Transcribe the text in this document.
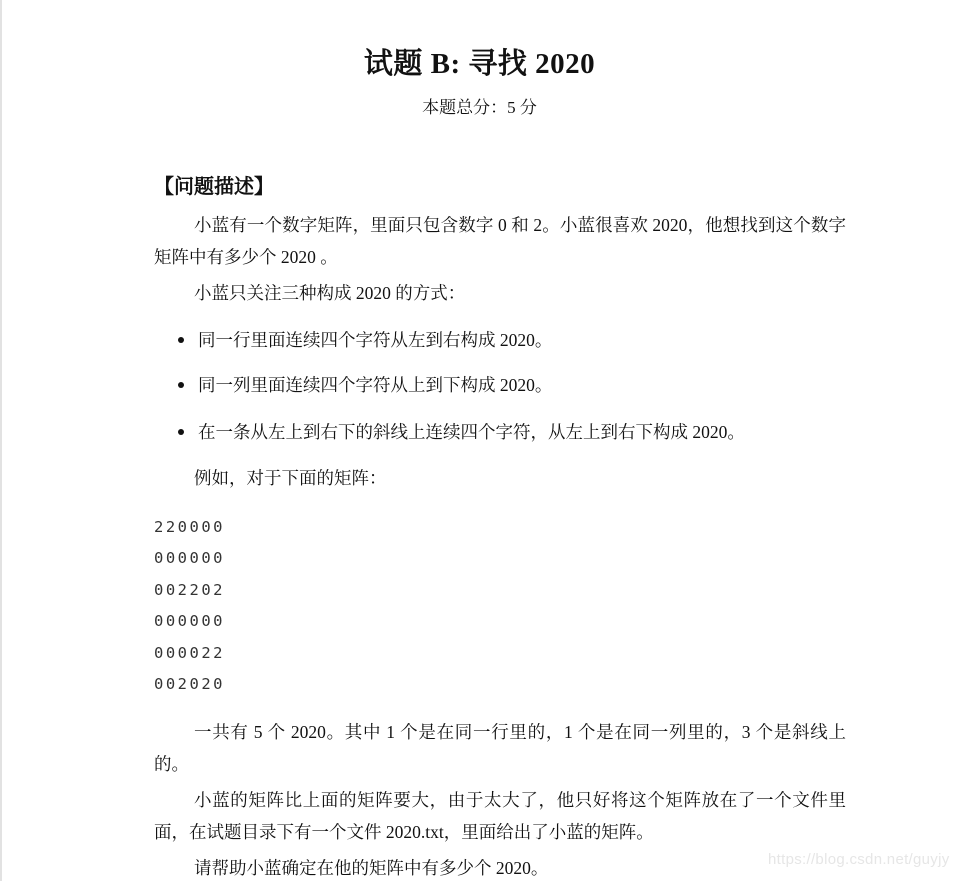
试题 B: 寻找 2020
本题总分：5 分
【问题描述】
小蓝有一个数字矩阵，里面只包含数字 0 和 2。小蓝很喜欢 2020，他想找到这个数字矩阵中有多少个 2020 。
小蓝只关注三种构成 2020 的方式：
同一行里面连续四个字符从左到右构成 2020。
同一列里面连续四个字符从上到下构成 2020。
在一条从左上到右下的斜线上连续四个字符，从左上到右下构成 2020。
例如，对于下面的矩阵：
220000
000000
002202
000000
000022
002020
一共有 5 个 2020。其中 1 个是在同一行里的，1 个是在同一列里的，3 个是斜线上的。
小蓝的矩阵比上面的矩阵要大，由于太大了，他只好将这个矩阵放在了一个文件里面，在试题目录下有一个文件 2020.txt，里面给出了小蓝的矩阵。
请帮助小蓝确定在他的矩阵中有多少个 2020。	https://blog.csdn.net/guyjy
